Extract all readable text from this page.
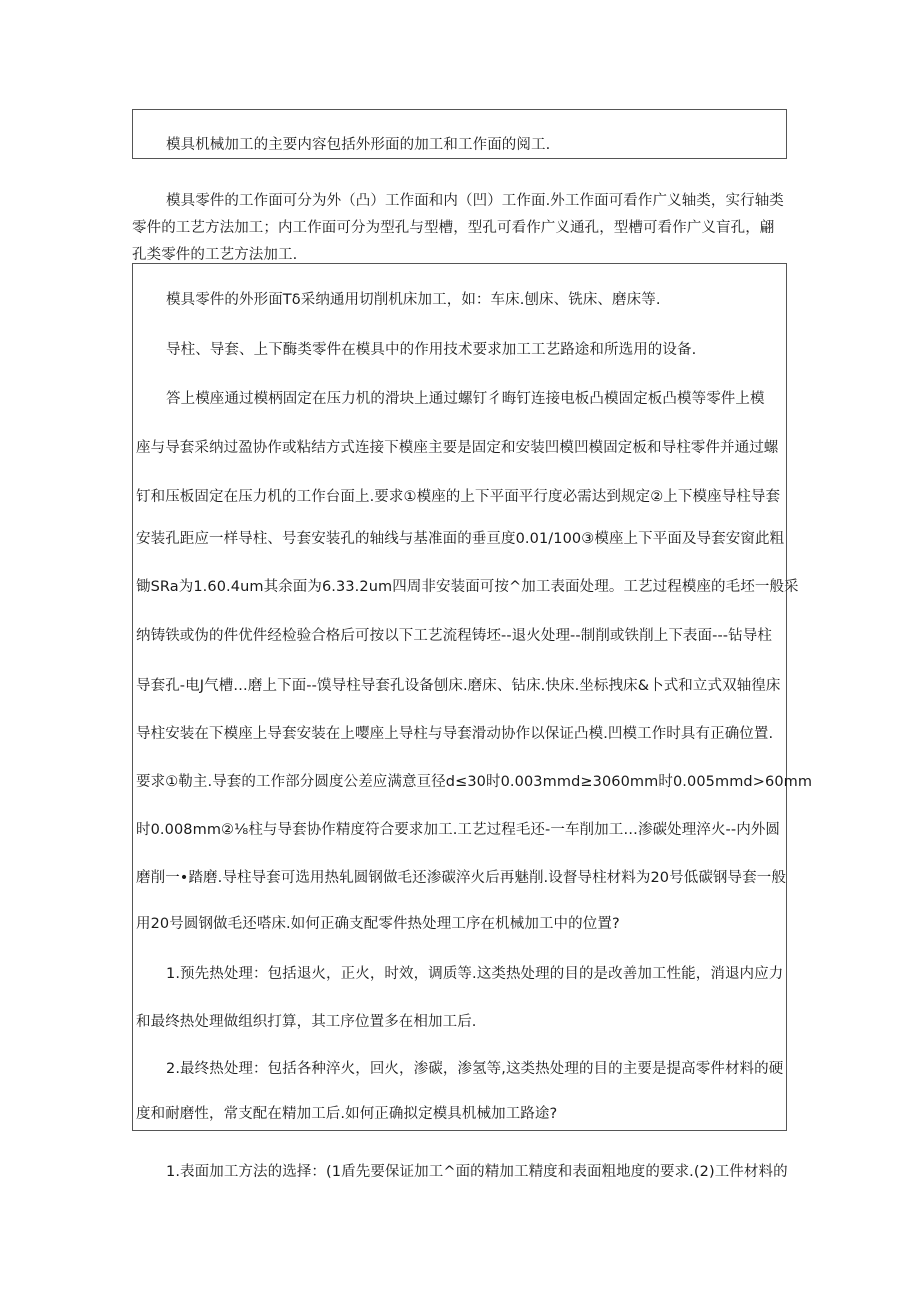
模具机械加工的主要内容包括外形面的加工和工作面的阅工.
模具零件的工作面可分为外（凸）工作面和内（凹）工作面.外工作面可看作广义轴类，实行轴类
零件的工艺方法加工；内工作面可分为型孔与型槽，型孔可看作广义通孔，型槽可看作广义盲孔，翩
孔类零件的工艺方法加工.
模具零件的外形面Tδ采纳通用切削机床加工，如：车床.刨床、铣床、磨床等.
导柱、导套、上下酶类零件在模具中的作用技术要求加工工艺路途和所选用的设备.
答上模座通过模柄固定在压力机的滑块上通过螺钉彳晦钉连接电板凸模固定板凸模等零件上模
座与导套采纳过盈协作或粘结方式连接下模座主要是固定和安装凹模凹模固定板和导柱零件并通过螺
钉和压板固定在压力机的工作台面上.要求①模座的上下平面平行度必需达到规定②上下模座导柱导套
安装孔距应一样导柱、号套安装孔的轴线与基准面的垂亘度0.01/100③模座上下平面及导套安窗此粗
锄SRa为1.60.4um其余面为6.33.2um四周非安装面可按^加工表面处理。工艺过程模座的毛坯一般采
纳铸铁或伪的件优件经检验合格后可按以下工艺流程铸坯--退火处理--制削或铁削上下表面---钻导柱
导套孔-电J气槽…磨上下面--馍导柱导套孔设备刨床.磨床、钻床.快床.坐标拽床&卜式和立式双轴徨床
导柱安装在下模座上导套安装在上嘤座上导柱与导套滑动协作以保证凸模.凹模工作时具有正确位置.
要求①勒主.导套的工作部分圆度公差应满意亘径d≤30时0.003mmd≥3060mm时0.005mmd>60mm
时0.008mm②⅛柱与导套协作精度符合要求加工.工艺过程毛还-一车削加工…渗碳处理淬火--内外圆
磨削一•踏磨.导柱导套可选用热轧圆钢做毛还渗碳淬火后再魅削.设督导柱材料为20号低碳钢导套一般
用20号圆钢做毛还嗒床.如何正确支配零件热处理工序在机械加工中的位置?
1.预先热处理：包括退火，正火，时效，调质等.这类热处理的目的是改善加工性能，消退内应力
和最终热处理做组织打算，其工序位置多在相加工后.
2.最终热处理：包括各种淬火，回火，渗碳，渗氢等,这类热处理的目的主要是提高零件材料的硬
度和耐磨性，常支配在精加工后.如何正确拟定模具机械加工路途?
1.表面加工方法的选择：(1盾先要保证加工^面的精加工精度和表面粗地度的要求.(2)工件材料的
